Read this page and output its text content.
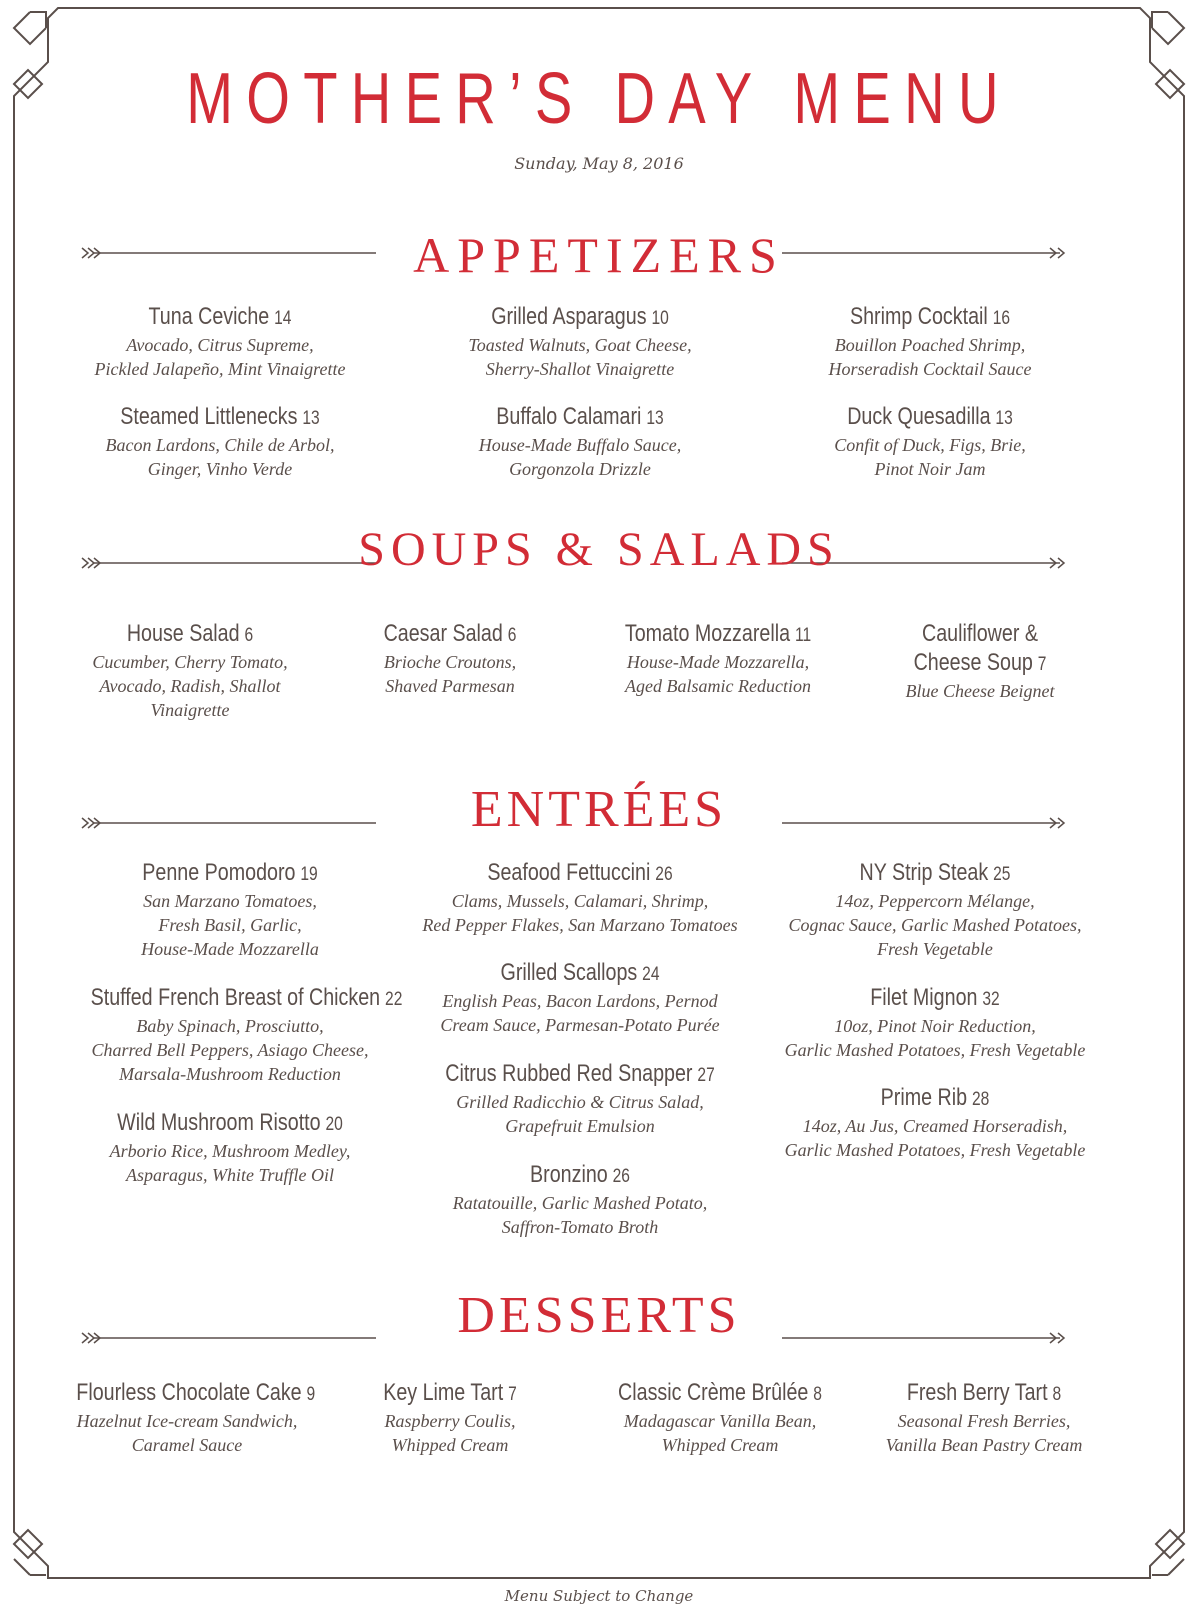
MOTHER’S DAY MENU
Sunday, May 8, 2016
APPETIZERS
Tuna Ceviche 14
Avocado, Citrus Supreme,
Pickled Jalapeño, Mint Vinaigrette
Grilled Asparagus 10
Toasted Walnuts, Goat Cheese,
Sherry-Shallot Vinaigrette
Shrimp Cocktail 16
Bouillon Poached Shrimp,
Horseradish Cocktail Sauce
Steamed Littlenecks 13
Bacon Lardons, Chile de Arbol,
Ginger, Vinho Verde
Buffalo Calamari 13
House-Made Buffalo Sauce,
Gorgonzola Drizzle
Duck Quesadilla 13
Confit of Duck, Figs, Brie,
Pinot Noir Jam
SOUPS & SALADS
House Salad 6
Cucumber, Cherry Tomato,
Avocado, Radish, Shallot
Vinaigrette
Caesar Salad 6
Brioche Croutons,
Shaved Parmesan
Tomato Mozzarella 11
House-Made Mozzarella,
Aged Balsamic Reduction
Cauliflower &
Cheese Soup 7
Blue Cheese Beignet
ENTRÉES
Penne Pomodoro 19
San Marzano Tomatoes,
Fresh Basil, Garlic,
House-Made Mozzarella
Stuffed French Breast of Chicken 22
Baby Spinach, Prosciutto,
Charred Bell Peppers, Asiago Cheese,
Marsala-Mushroom Reduction
Wild Mushroom Risotto 20
Arborio Rice, Mushroom Medley,
Asparagus, White Truffle Oil
Seafood Fettuccini 26
Clams, Mussels, Calamari, Shrimp,
Red Pepper Flakes, San Marzano Tomatoes
Grilled Scallops 24
English Peas, Bacon Lardons, Pernod
Cream Sauce, Parmesan-Potato Purée
Citrus Rubbed Red Snapper 27
Grilled Radicchio & Citrus Salad,
Grapefruit Emulsion
Bronzino 26
Ratatouille, Garlic Mashed Potato,
Saffron-Tomato Broth
NY Strip Steak 25
14oz, Peppercorn Mélange,
Cognac Sauce, Garlic Mashed Potatoes,
Fresh Vegetable
Filet Mignon 32
10oz, Pinot Noir Reduction,
Garlic Mashed Potatoes, Fresh Vegetable
Prime Rib 28
14oz, Au Jus, Creamed Horseradish,
Garlic Mashed Potatoes, Fresh Vegetable
DESSERTS
Flourless Chocolate Cake 9
Hazelnut Ice-cream Sandwich,
Caramel Sauce
Key Lime Tart 7
Raspberry Coulis,
Whipped Cream
Classic Crème Brûlée 8
Madagascar Vanilla Bean,
Whipped Cream
Fresh Berry Tart 8
Seasonal Fresh Berries,
Vanilla Bean Pastry Cream
Menu Subject to Change
